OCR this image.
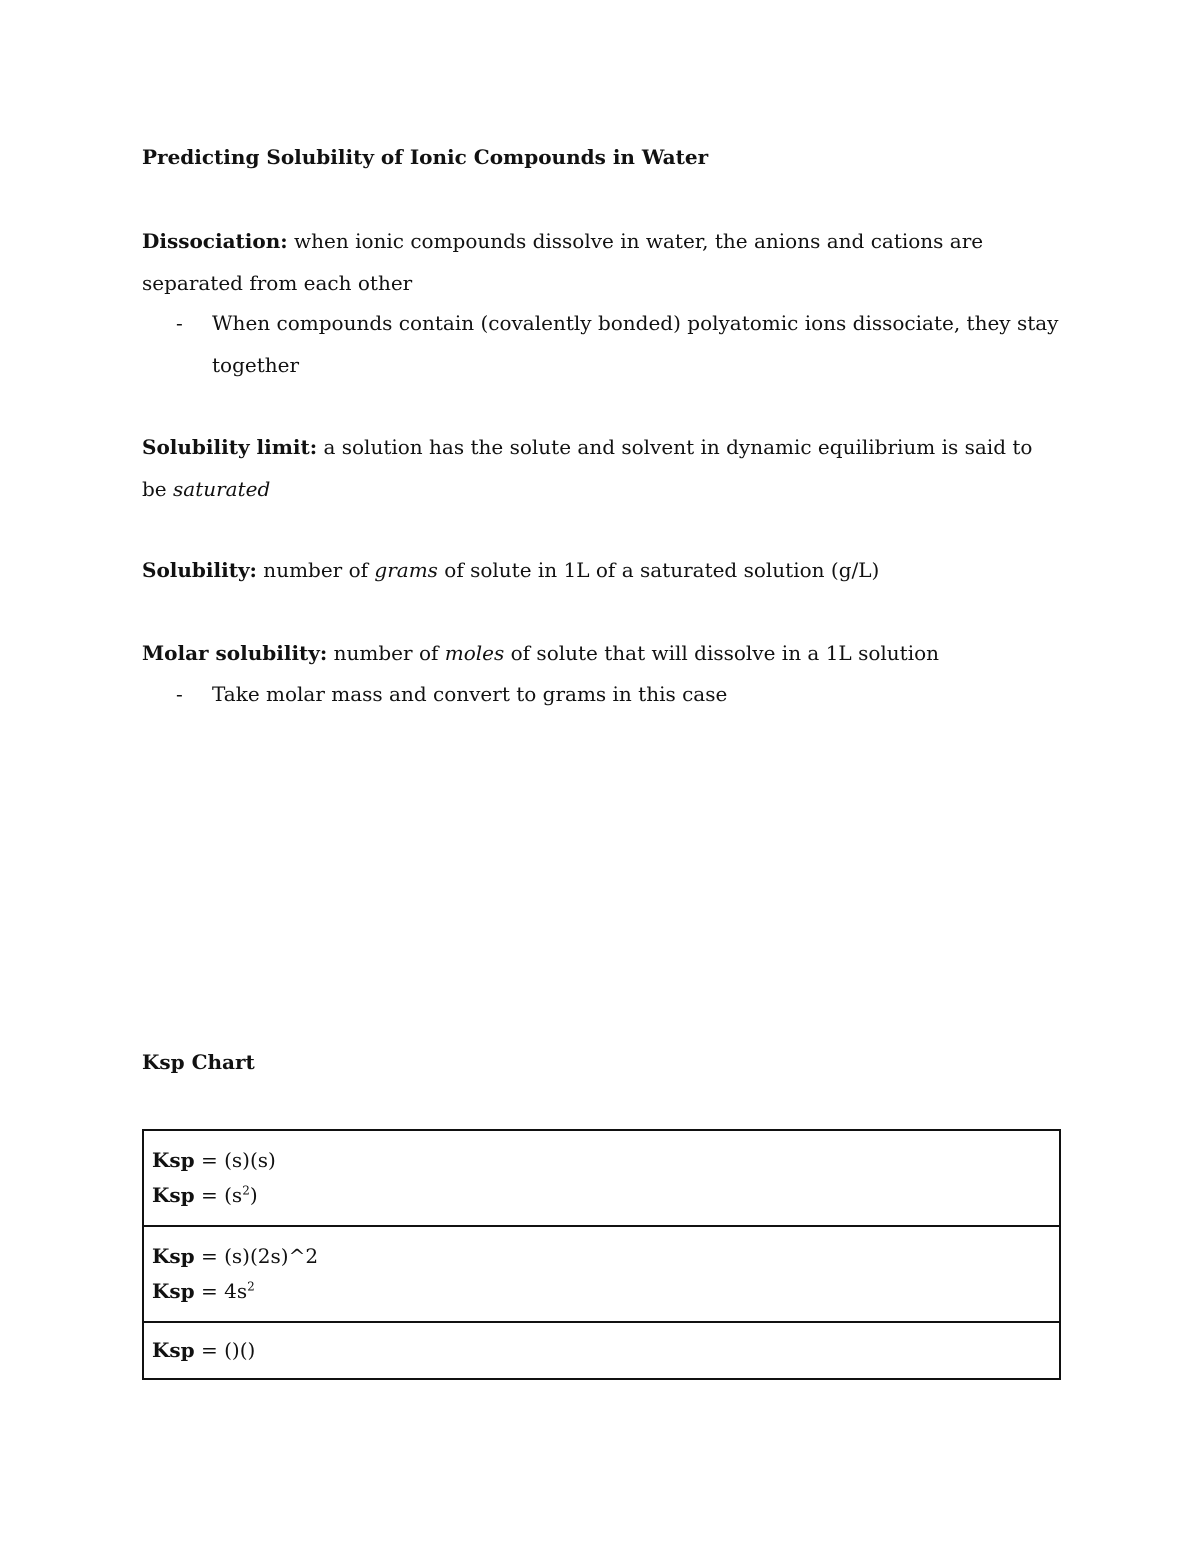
Predicting Solubility of Ionic Compounds in Water

Dissociation: when ionic compounds dissolve in water, the anions and cations are separated from each other

- When compounds contain (covalently bonded) polyatomic ions dissociate, they stay together

Solubility limit: a solution has the solute and solvent in dynamic equilibrium is said to be saturated

Solubility: number of grams of solute in 1L of a saturated solution (g/L)

Molar solubility: number of moles of solute that will dissolve in a 1L solution

- Take molar mass and convert to grams in this case
Ksp Chart
Ksp = (s)(s)
Ksp = $(s^2)$

Ksp = (s)(2s)^2
Ksp = $4s^2$

Ksp = ()()
